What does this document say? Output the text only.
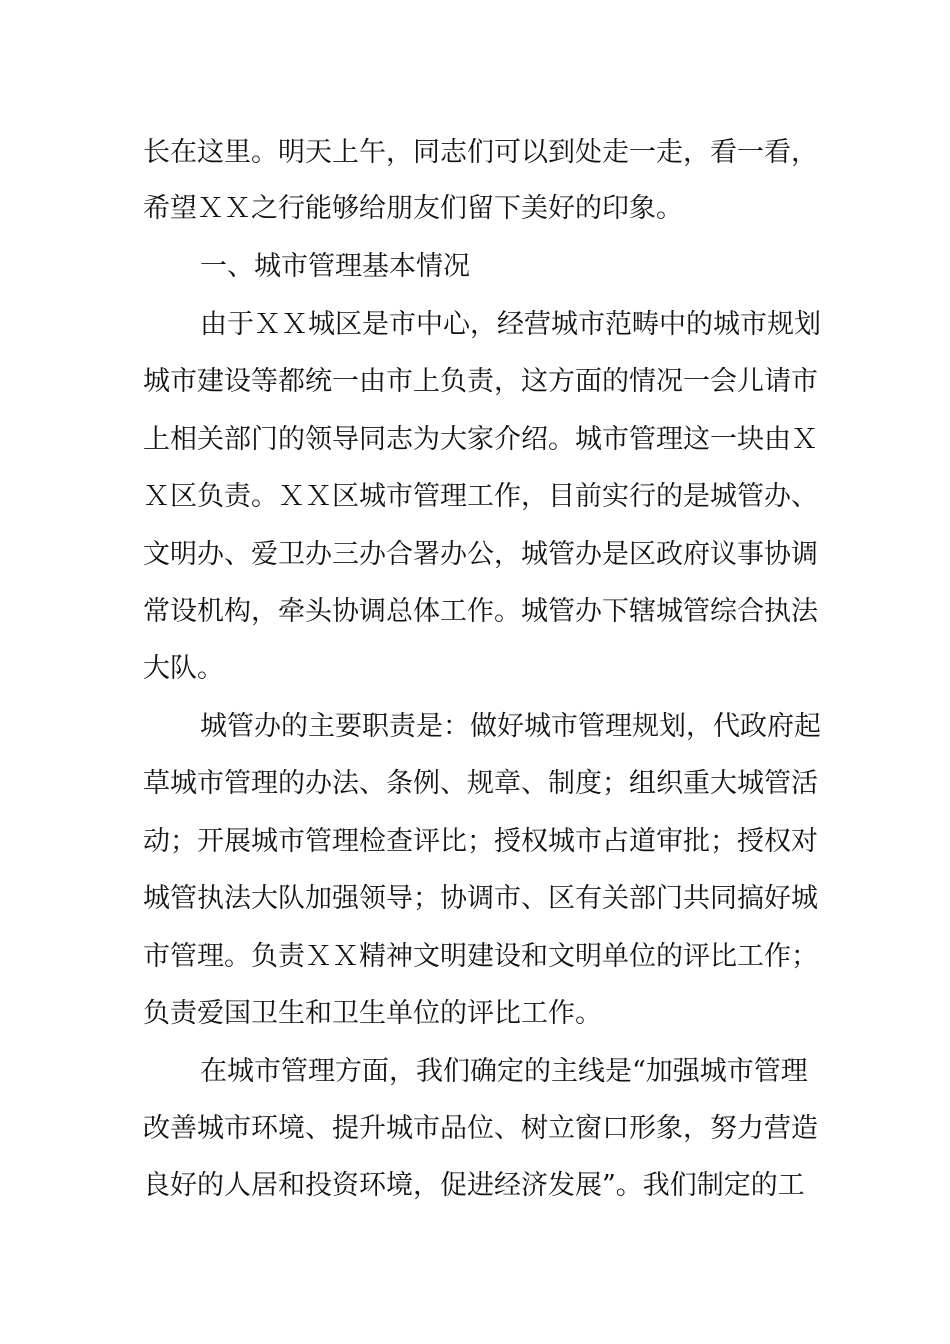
长在这里。明天上午，同志们可以到处走一走，看一看，
希望ＸＸ之行能够给朋友们留下美好的印象。
一、城市管理基本情况
由于ＸＸ城区是市中心，经营城市范畴中的城市规划
城市建设等都统一由市上负责，这方面的情况一会儿请市
上相关部门的领导同志为大家介绍。城市管理这一块由Ｘ
Ｘ区负责。ＸＸ区城市管理工作，目前实行的是城管办、
文明办、爱卫办三办合署办公，城管办是区政府议事协调
常设机构，牵头协调总体工作。城管办下辖城管综合执法
大队。
城管办的主要职责是：做好城市管理规划，代政府起
草城市管理的办法、条例、规章、制度；组织重大城管活
动；开展城市管理检查评比；授权城市占道审批；授权对
城管执法大队加强领导；协调市、区有关部门共同搞好城
市管理。负责ＸＸ精神文明建设和文明单位的评比工作；
负责爱国卫生和卫生单位的评比工作。
在城市管理方面，我们确定的主线是“加强城市管理
改善城市环境、提升城市品位、树立窗口形象，努力营造
良好的人居和投资环境，促进经济发展”。我们制定的工
